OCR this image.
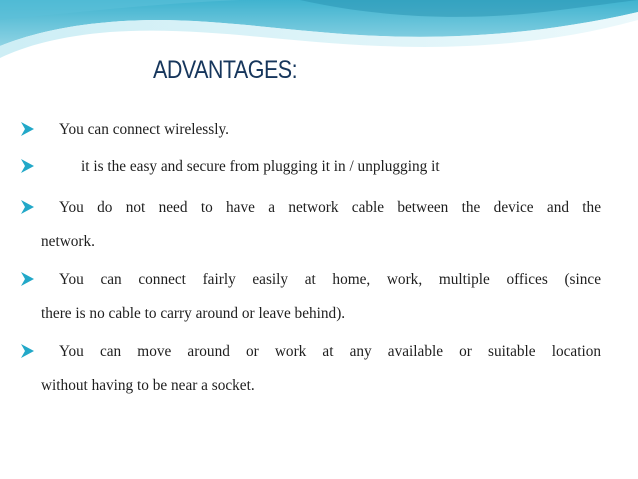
ADVANTAGES:
You can connect wirelessly.
it is the easy and secure from plugging it in / unplugging it
You do not need to have a network cable between the device and the
network.
You can connect fairly easily at home, work, multiple offices (since
there is no cable to carry around or leave behind).
You can move around or work at any available or suitable location
without having to be near a socket.
